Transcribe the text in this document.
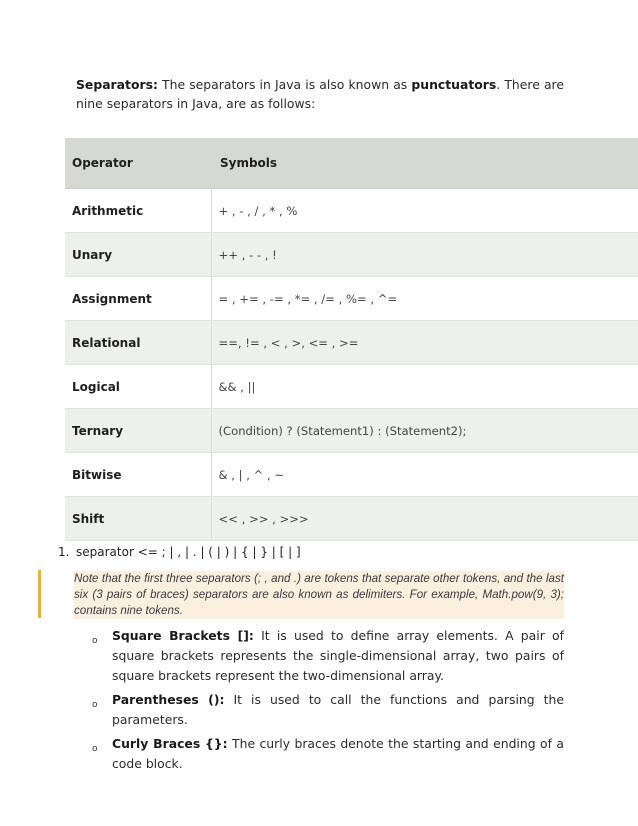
Separators: The separators in Java is also known as punctuators. There are nine separators in Java, are as follows:

Operator	Symbols
Arithmetic	+ , - , / , * , %
Unary	++ , - - , !
Assignment	= , += , -= , *= , /= , %= , ^=
Relational	==, != , < , >, <= , >=
Logical	&& , ||
Ternary	(Condition) ? (Statement1) : (Statement2);
Bitwise	& , | , ^ , ~
Shift	<< , >> , >>>
1. separator <= ; | , | . | ( | ) | { | } | [ | ]
Note that the first three separators (; , and .) are tokens that separate other tokens, and the last six (3 pairs of braces) separators are also known as delimiters. For example, Math.pow(9, 3); contains nine tokens.
o Square Brackets []: It is used to define array elements. A pair of square brackets represents the single-dimensional array, two pairs of square brackets represent the two-dimensional array.
o Parentheses (): It is used to call the functions and parsing the parameters.
o Curly Braces {}: The curly braces denote the starting and ending of a code block.
